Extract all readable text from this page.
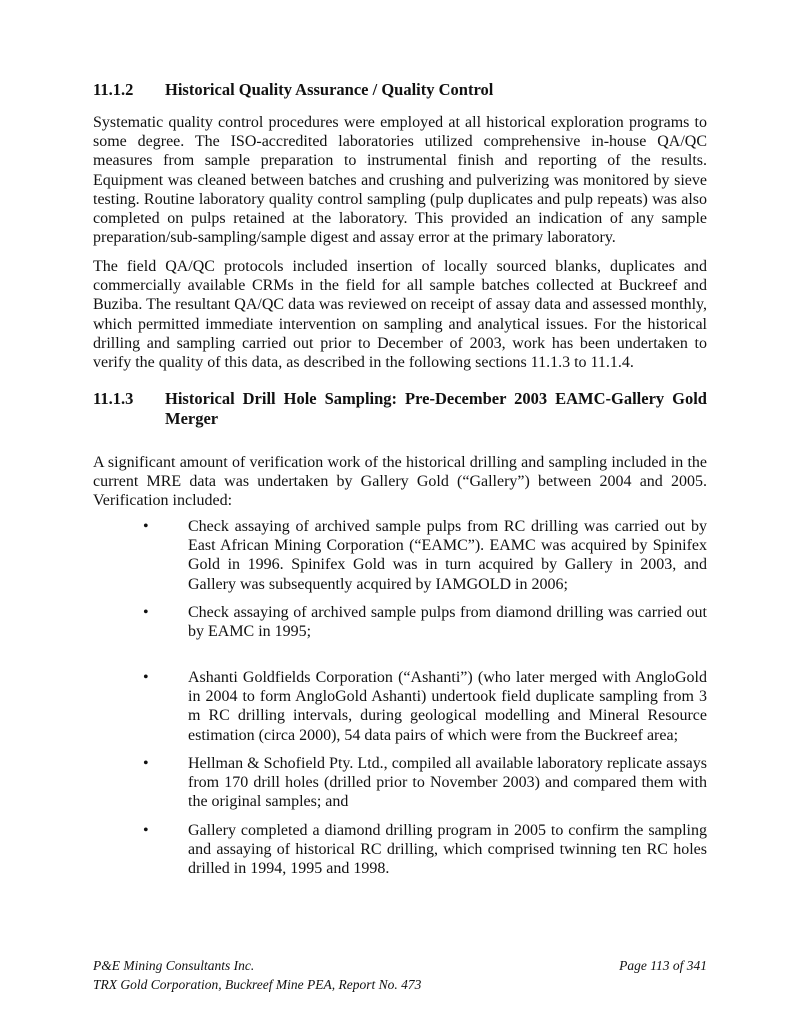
11.1.2 Historical Quality Assurance / Quality Control
Systematic quality control procedures were employed at all historical exploration programs to some degree. The ISO-accredited laboratories utilized comprehensive in-house QA/QC measures from sample preparation to instrumental finish and reporting of the results. Equipment was cleaned between batches and crushing and pulverizing was monitored by sieve testing. Routine laboratory quality control sampling (pulp duplicates and pulp repeats) was also completed on pulps retained at the laboratory. This provided an indication of any sample preparation/sub-sampling/sample digest and assay error at the primary laboratory.
The field QA/QC protocols included insertion of locally sourced blanks, duplicates and commercially available CRMs in the field for all sample batches collected at Buckreef and Buziba. The resultant QA/QC data was reviewed on receipt of assay data and assessed monthly, which permitted immediate intervention on sampling and analytical issues. For the historical drilling and sampling carried out prior to December of 2003, work has been undertaken to verify the quality of this data, as described in the following sections 11.1.3 to 11.1.4.
11.1.3 Historical Drill Hole Sampling: Pre-December 2003 EAMC-Gallery Gold Merger
A significant amount of verification work of the historical drilling and sampling included in the current MRE data was undertaken by Gallery Gold (“Gallery”) between 2004 and 2005. Verification included:
• Check assaying of archived sample pulps from RC drilling was carried out by East African Mining Corporation (“EAMC”). EAMC was acquired by Spinifex Gold in 1996. Spinifex Gold was in turn acquired by Gallery in 2003, and Gallery was subsequently acquired by IAMGOLD in 2006;
• Check assaying of archived sample pulps from diamond drilling was carried out by EAMC in 1995;
• Ashanti Goldfields Corporation (“Ashanti”) (who later merged with AngloGold in 2004 to form AngloGold Ashanti) undertook field duplicate sampling from 3 m RC drilling intervals, during geological modelling and Mineral Resource estimation (circa 2000), 54 data pairs of which were from the Buckreef area;
• Hellman & Schofield Pty. Ltd., compiled all available laboratory replicate assays from 170 drill holes (drilled prior to November 2003) and compared them with the original samples; and
• Gallery completed a diamond drilling program in 2005 to confirm the sampling and assaying of historical RC drilling, which comprised twinning ten RC holes drilled in 1994, 1995 and 1998.
P&E Mining Consultants Inc.
TRX Gold Corporation, Buckreef Mine PEA, Report No. 473
Page 113 of 341
